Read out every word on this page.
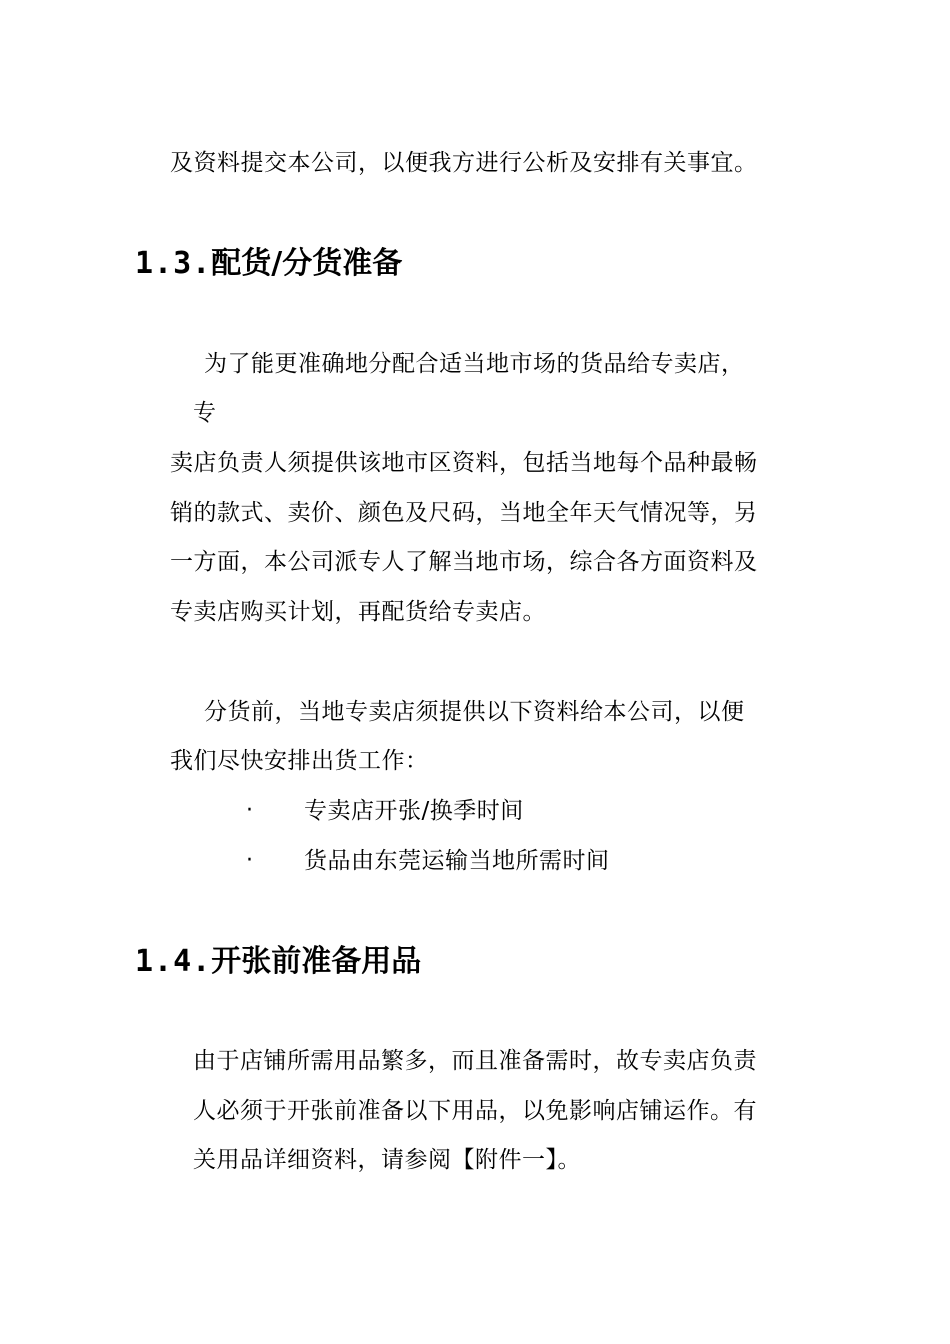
及资料提交本公司，以便我方进行公析及安排有关事宜。
1.3.配货/分货准备
为了能更准确地分配合适当地市场的货品给专卖店，
专
卖店负责人须提供该地市区资料，包括当地每个品种最畅
销的款式、卖价、颜色及尺码，当地全年天气情况等，另
一方面，本公司派专人了解当地市场，综合各方面资料及
专卖店购买计划，再配货给专卖店。
分货前，当地专卖店须提供以下资料给本公司，以便
我们尽快安排出货工作：
· 专卖店开张/换季时间
· 货品由东莞运输当地所需时间
1.4.开张前准备用品
由于店铺所需用品繁多，而且准备需时，故专卖店负责
人必须于开张前准备以下用品，以免影响店铺运作。有
关用品详细资料，请参阅【附件一】。
